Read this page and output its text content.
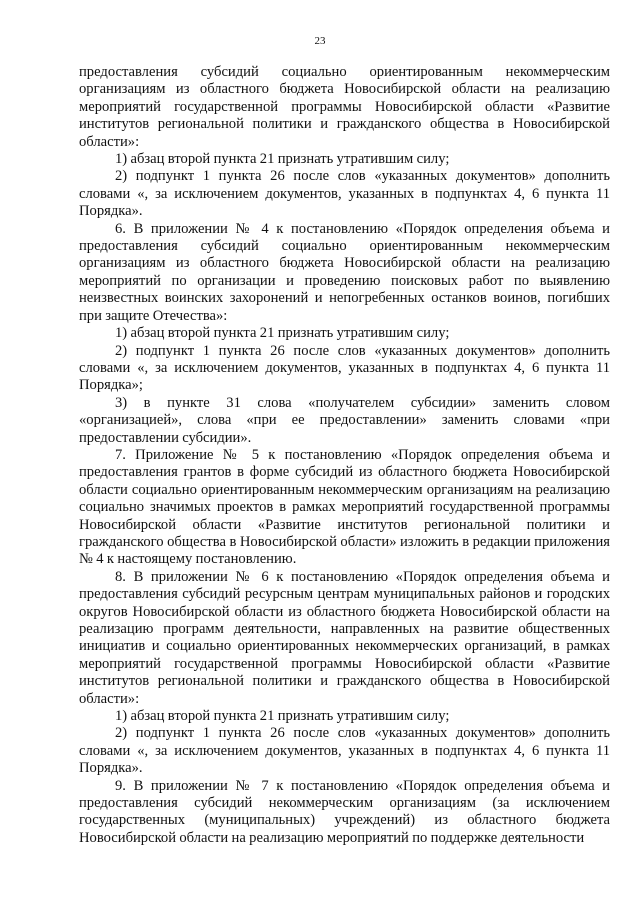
23

предоставления субсидий социально ориентированным некоммерческим организациям из областного бюджета Новосибирской области на реализацию мероприятий государственной программы Новосибирской области «Развитие институтов региональной политики и гражданского общества в Новосибирской области»:

1) абзац второй пункта 21 признать утратившим силу;

2) подпункт 1 пункта 26 после слов «указанных документов» дополнить словами «, за исключением документов, указанных в подпунктах 4, 6 пункта 11 Порядка».

6. В приложении № 4 к постановлению «Порядок определения объема и предоставления субсидий социально ориентированным некоммерческим организациям из областного бюджета Новосибирской области на реализацию мероприятий по организации и проведению поисковых работ по выявлению неизвестных воинских захоронений и непогребенных останков воинов, погибших при защите Отечества»:

1) абзац второй пункта 21 признать утратившим силу;

2) подпункт 1 пункта 26 после слов «указанных документов» дополнить словами «, за исключением документов, указанных в подпунктах 4, 6 пункта 11 Порядка»;

3) в пункте 31 слова «получателем субсидии» заменить словом «организацией», слова «при ее предоставлении» заменить словами «при предоставлении субсидии».

7. Приложение № 5 к постановлению «Порядок определения объема и предоставления грантов в форме субсидий из областного бюджета Новосибирской области социально ориентированным некоммерческим организациям на реализацию социально значимых проектов в рамках мероприятий государственной программы Новосибирской области «Развитие институтов региональной политики и гражданского общества в Новосибирской области» изложить в редакции приложения № 4 к настоящему постановлению.

8. В приложении № 6 к постановлению «Порядок определения объема и предоставления субсидий ресурсным центрам муниципальных районов и городских округов Новосибирской области из областного бюджета Новосибирской области на реализацию программ деятельности, направленных на развитие общественных инициатив и социально ориентированных некоммерческих организаций, в рамках мероприятий государственной программы Новосибирской области «Развитие институтов региональной политики и гражданского общества в Новосибирской области»:

1) абзац второй пункта 21 признать утратившим силу;

2) подпункт 1 пункта 26 после слов «указанных документов» дополнить словами «, за исключением документов, указанных в подпунктах 4, 6 пункта 11 Порядка».

9. В приложении № 7 к постановлению «Порядок определения объема и предоставления субсидий некоммерческим организациям (за исключением государственных (муниципальных) учреждений) из областного бюджета Новосибирской области на реализацию мероприятий по поддержке деятельности
